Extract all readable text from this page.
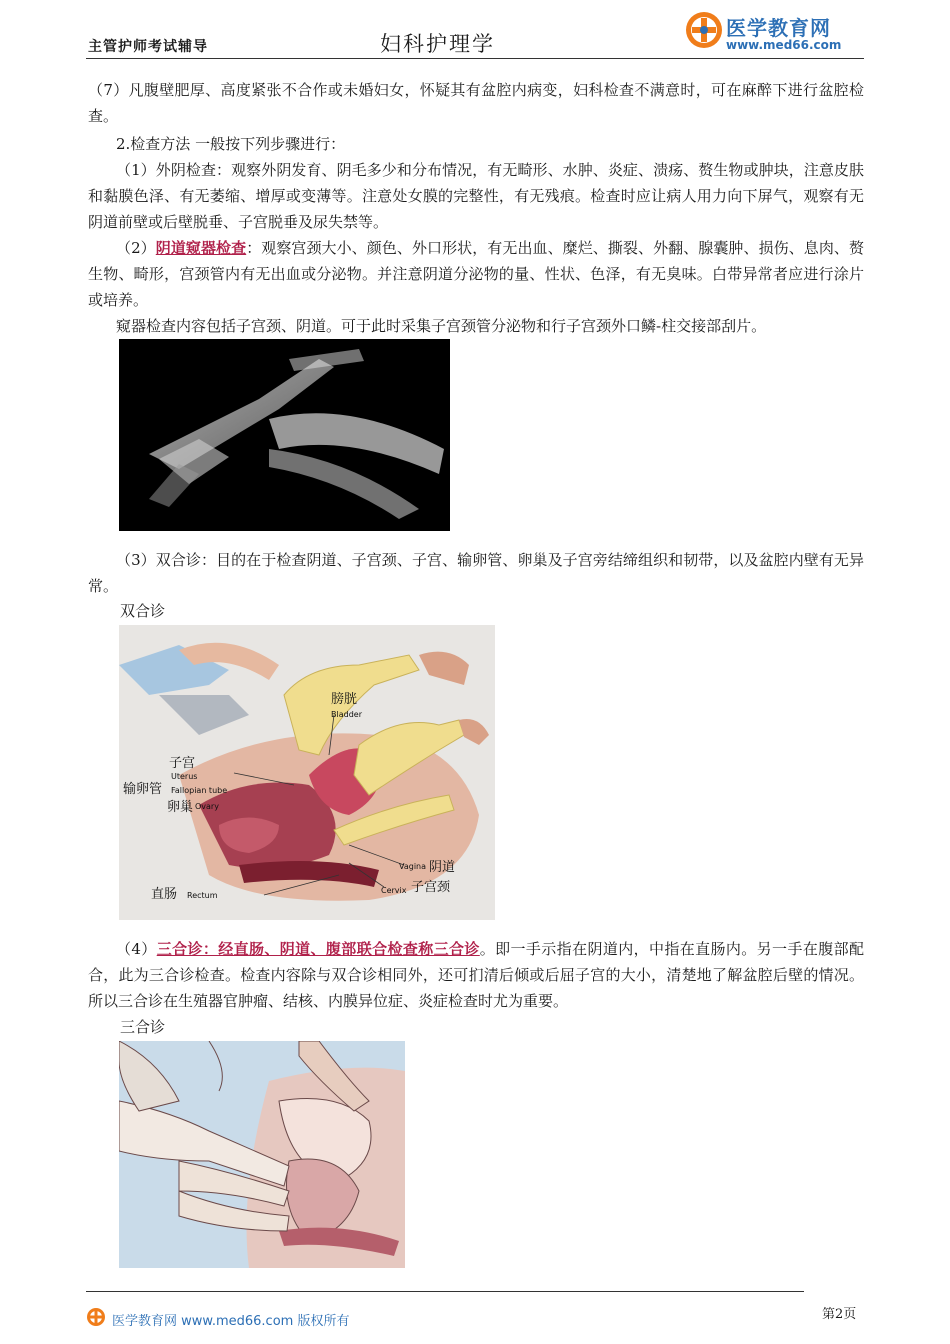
主管护师考试辅导	妇科护理学
医学教育网
www.med66.com

（7）凡腹壁肥厚、高度紧张不合作或未婚妇女，怀疑其有盆腔内病变，妇科检查不满意时，可在麻醉下进行盆腔检查。

2.检查方法 一般按下列步骤进行：

（1）外阴检查：观察外阴发育、阴毛多少和分布情况，有无畸形、水肿、炎症、溃疡、赘生物或肿块，注意皮肤和黏膜色泽、有无萎缩、增厚或变薄等。注意处女膜的完整性，有无残痕。检查时应让病人用力向下屏气，观察有无阴道前壁或后壁脱垂、子宫脱垂及尿失禁等。

（2）阴道窥器检查：观察宫颈大小、颜色、外口形状，有无出血、糜烂、撕裂、外翻、腺囊肿、损伤、息肉、赘生物、畸形，宫颈管内有无出血或分泌物。并注意阴道分泌物的量、性状、色泽，有无臭味。白带异常者应进行涂片或培养。

窥器检查内容包括子宫颈、阴道。可于此时采集子宫颈管分泌物和行子宫颈外口鳞-柱交接部刮片。

（3）双合诊：目的在于检查阴道、子宫颈、子宫、输卵管、卵巢及子宫旁结缔组织和韧带，以及盆腔内壁有无异常。

双合诊
膀胱
Bladder
子宫
Uterus
输卵管 Fallopian tube
卵巢 Ovary
直肠 Rectum
Vagina 阴道
Cervix 子宫颈

（4）三合诊：经直肠、阴道、腹部联合检查称三合诊。即一手示指在阴道内，中指在直肠内。另一手在腹部配合，此为三合诊检查。检查内容除与双合诊相同外，还可扪清后倾或后屈子宫的大小，清楚地了解盆腔后壁的情况。所以三合诊在生殖器官肿瘤、结核、内膜异位症、炎症检查时尤为重要。

三合诊
医学教育网 www.med66.com 版权所有	第2页
